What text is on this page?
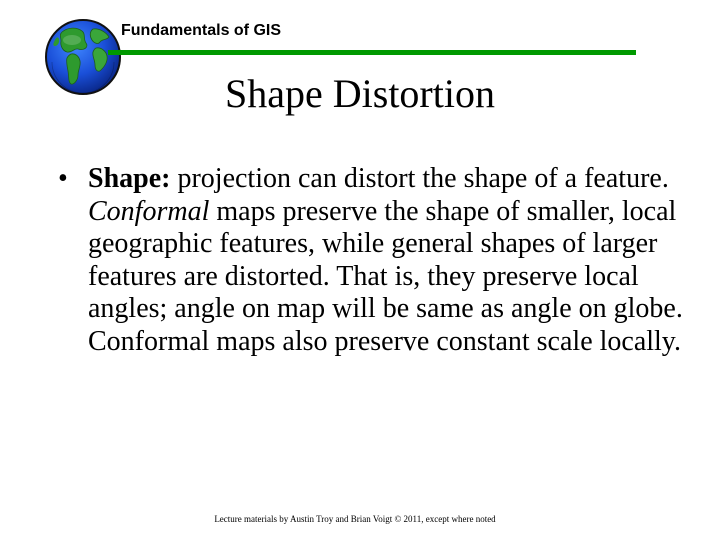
Fundamentals of GIS
Shape Distortion
• Shape: projection can distort the shape of a feature. Conformal maps preserve the shape of smaller, local geographic features, while general shapes of larger features are distorted. That is, they preserve local angles; angle on map will be same as angle on globe. Conformal maps also preserve constant scale locally.
Lecture materials by Austin Troy and Brian Voigt © 2011, except where noted
